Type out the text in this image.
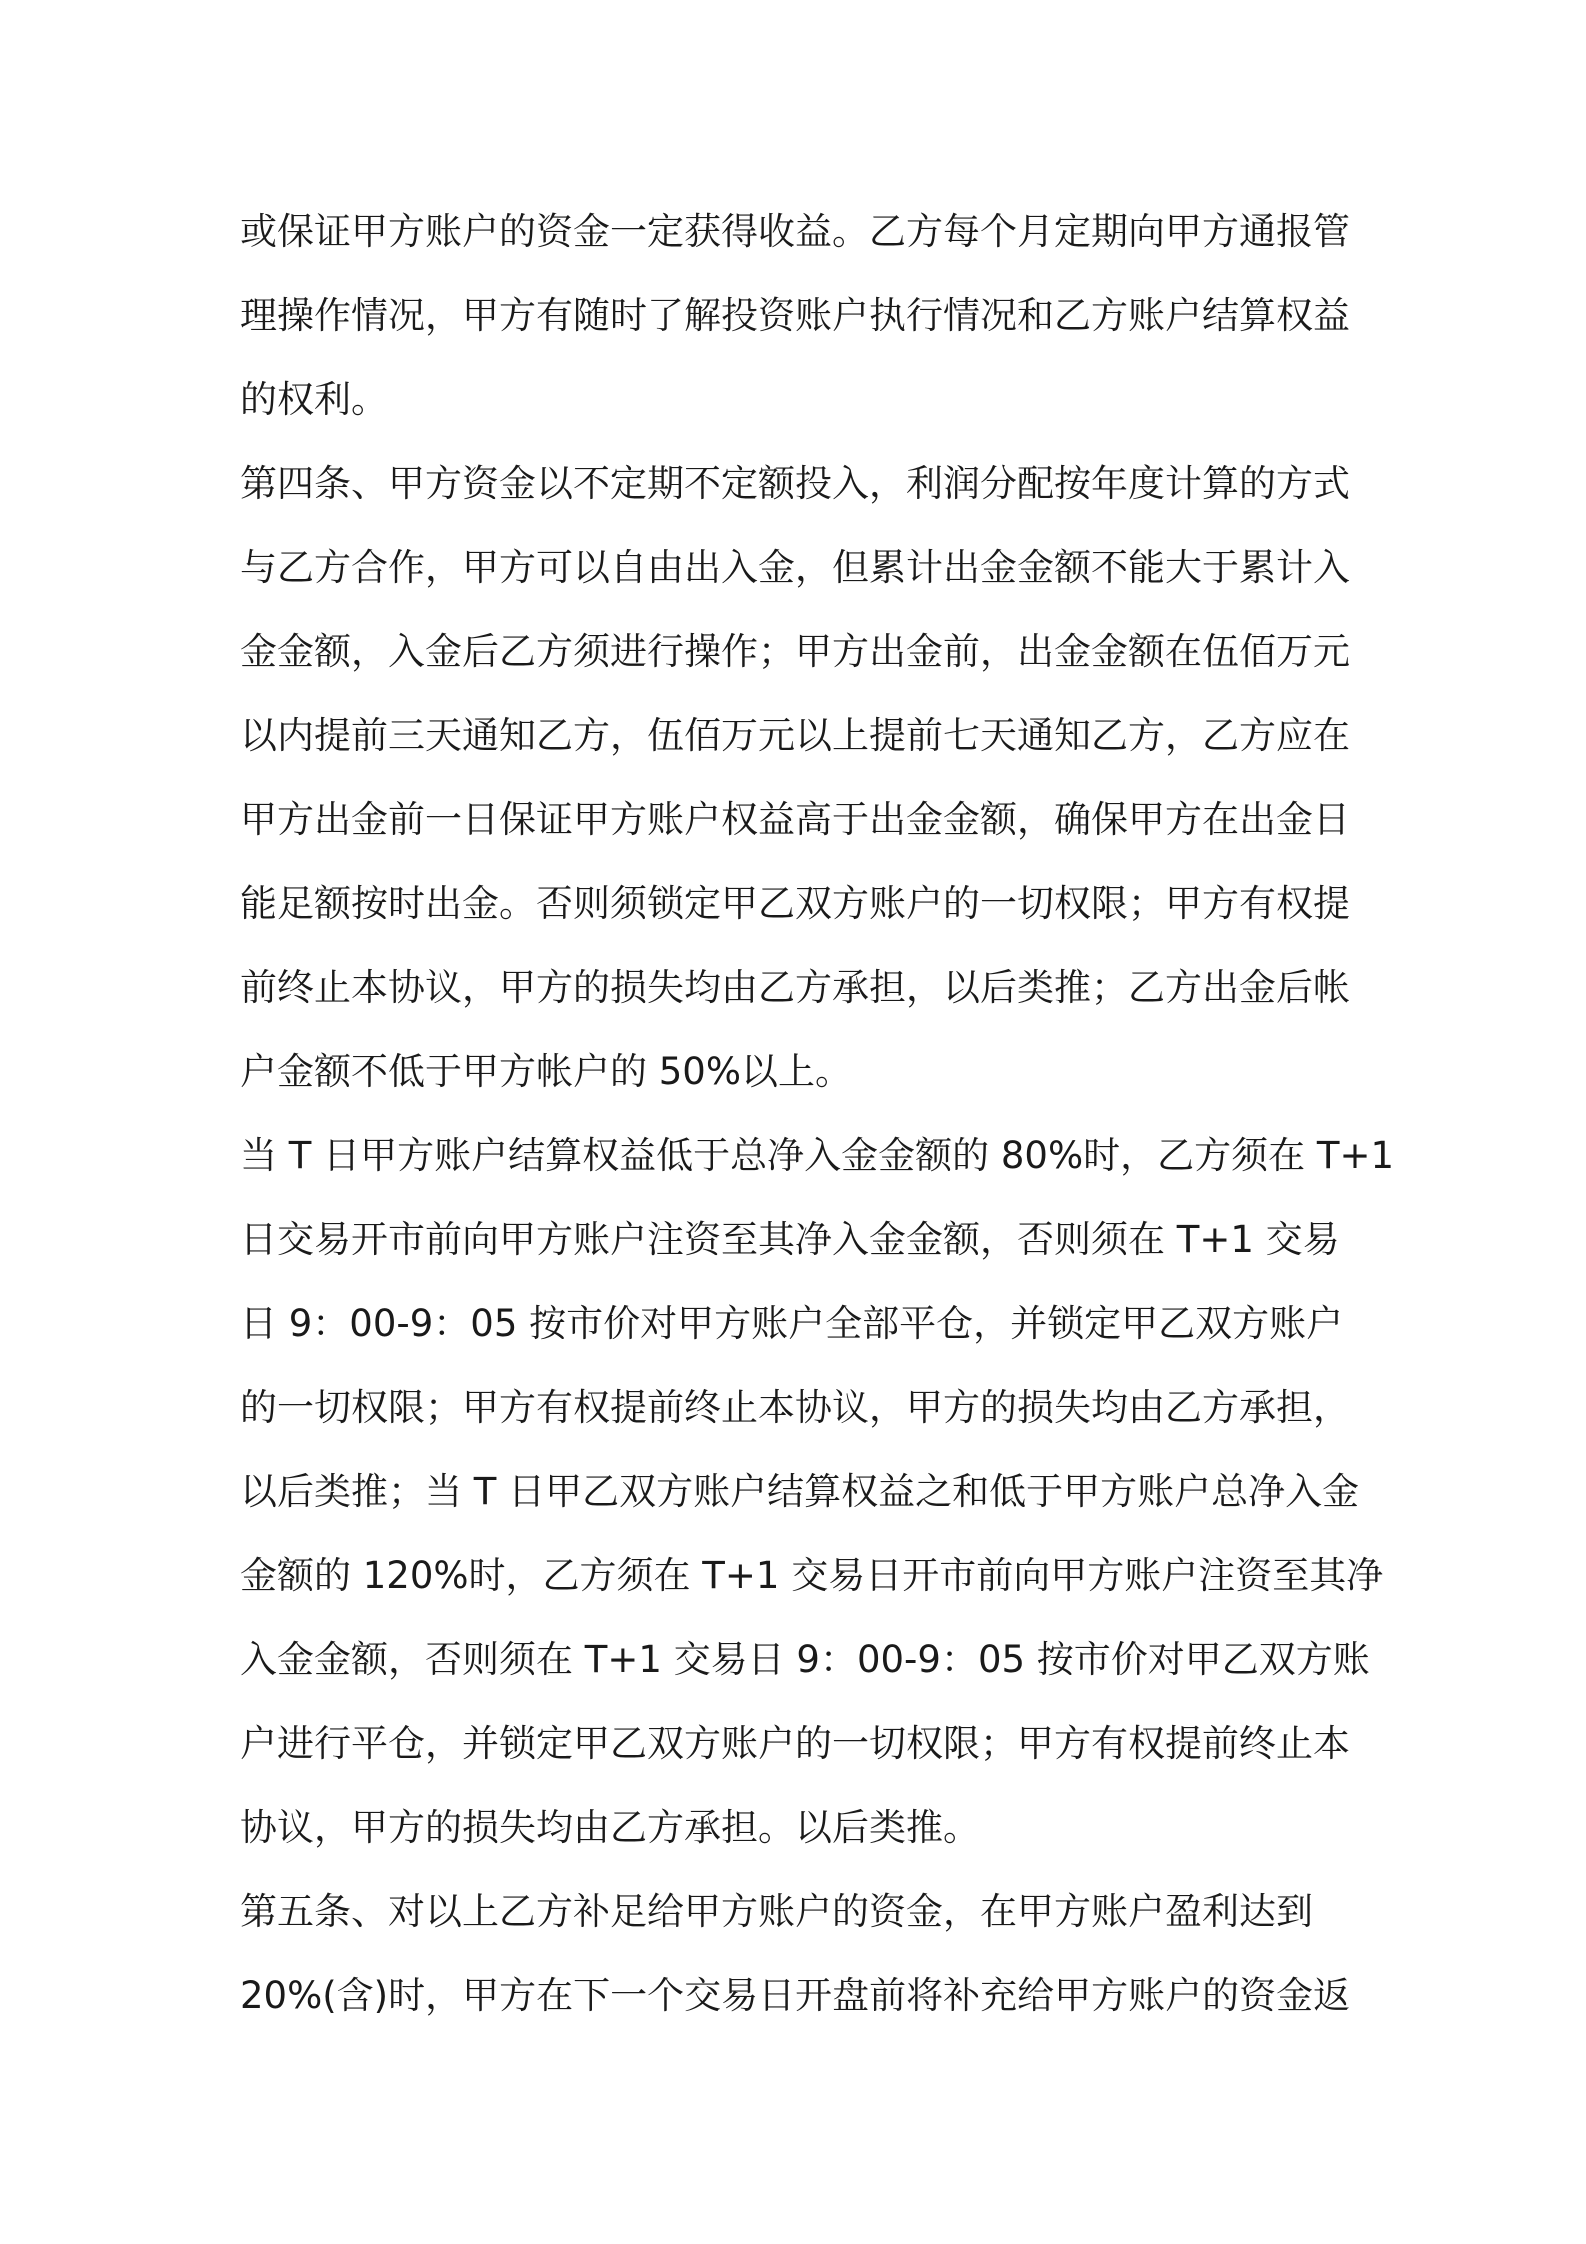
或保证甲方账户的资金一定获得收益。乙方每个月定期向甲方通报管
理操作情况，甲方有随时了解投资账户执行情况和乙方账户结算权益
的权利。
第四条、甲方资金以不定期不定额投入，利润分配按年度计算的方式
与乙方合作，甲方可以自由出入金，但累计出金金额不能大于累计入
金金额，入金后乙方须进行操作；甲方出金前，出金金额在伍佰万元
以内提前三天通知乙方，伍佰万元以上提前七天通知乙方，乙方应在
甲方出金前一日保证甲方账户权益高于出金金额，确保甲方在出金日
能足额按时出金。否则须锁定甲乙双方账户的一切权限；甲方有权提
前终止本协议，甲方的损失均由乙方承担，以后类推；乙方出金后帐
户金额不低于甲方帐户的 50%以上。
当 T 日甲方账户结算权益低于总净入金金额的 80%时，乙方须在 T+1
日交易开市前向甲方账户注资至其净入金金额，否则须在 T+1 交易
日 9：00-9：05 按市价对甲方账户全部平仓，并锁定甲乙双方账户
的一切权限；甲方有权提前终止本协议，甲方的损失均由乙方承担，
以后类推；当 T 日甲乙双方账户结算权益之和低于甲方账户总净入金
金额的 120%时，乙方须在 T+1 交易日开市前向甲方账户注资至其净
入金金额，否则须在 T+1 交易日 9：00-9：05 按市价对甲乙双方账
户进行平仓，并锁定甲乙双方账户的一切权限；甲方有权提前终止本
协议，甲方的损失均由乙方承担。以后类推。
第五条、对以上乙方补足给甲方账户的资金，在甲方账户盈利达到
20%(含)时，甲方在下一个交易日开盘前将补充给甲方账户的资金返
